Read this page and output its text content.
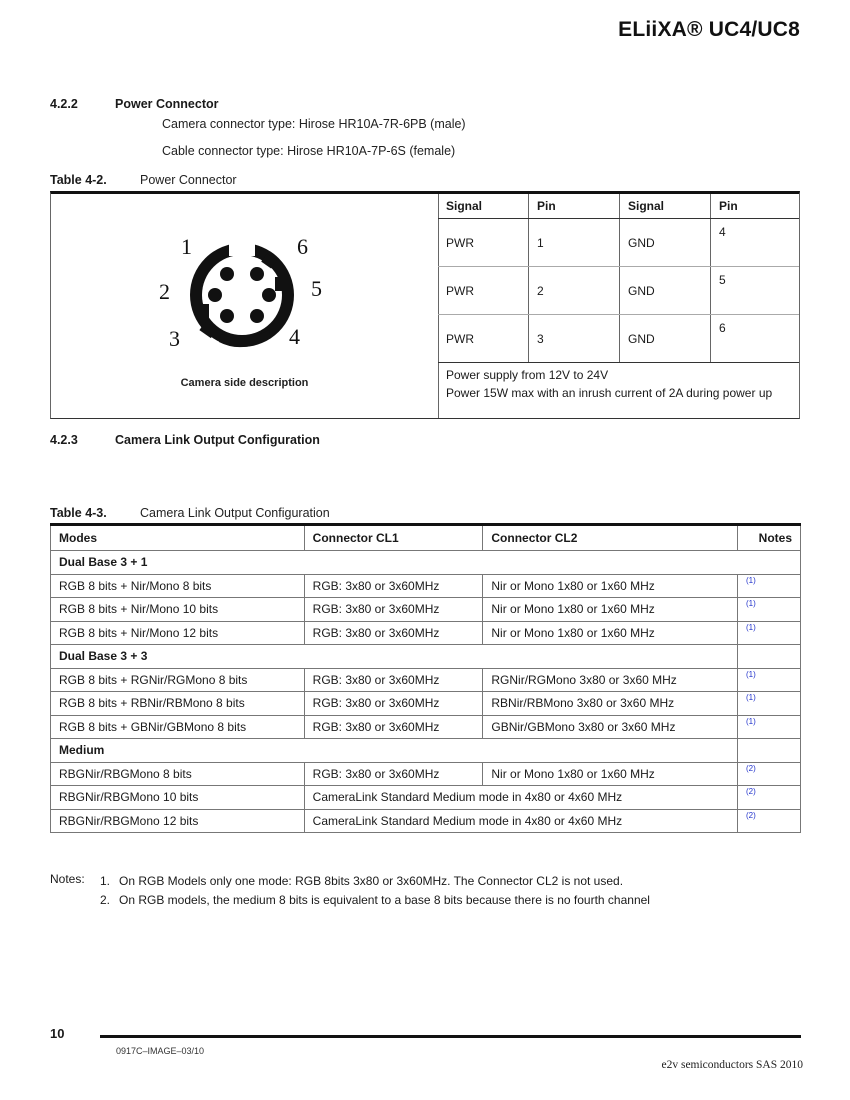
ELiiXA® UC4/UC8
4.2.2	Power Connector
Camera connector type: Hirose HR10A-7R-6PB (male)
Cable connector type: Hirose HR10A-7P-6S (female)
Table 4-2.	Power Connector
1
2
3	4
5
6
Camera side description
Signal	Pin	Signal	Pin
PWR	1	GND	4
PWR	2	GND	5
PWR	3	GND	6
Power supply from 12V to 24V
Power 15W max with an inrush current of 2A during power up
4.2.3	Camera Link Output Configuration
Table 4-3.	Camera Link Output Configuration
Modes	Connector CL1	Connector CL2	Notes
Dual Base 3 + 1			
RGB 8 bits + Nir/Mono 8 bits	RGB: 3x80 or 3x60MHz	Nir or Mono 1x80 or 1x60 MHz	$^{(1)}$
RGB 8 bits + Nir/Mono 10 bits	RGB: 3x80 or 3x60MHz	Nir or Mono 1x80 or 1x60 MHz	$^{(1)}$
RGB 8 bits + Nir/Mono 12 bits	RGB: 3x80 or 3x60MHz	Nir or Mono 1x80 or 1x60 MHz	$^{(1)}$
Dual Base 3 + 3			
RGB 8 bits + RGNir/RGMono 8 bits	RGB: 3x80 or 3x60MHz	RGNir/RGMono 3x80 or 3x60 MHz	$^{(1)}$
RGB 8 bits + RBNir/RBMono 8 bits	RGB: 3x80 or 3x60MHz	RBNir/RBMono 3x80 or 3x60 MHz	$^{(1)}$
RGB 8 bits + GBNir/GBMono 8 bits	RGB: 3x80 or 3x60MHz	GBNir/GBMono 3x80 or 3x60 MHz	$^{(1)}$
Medium			
RBGNir/RBGMono 8 bits	RGB: 3x80 or 3x60MHz	Nir or Mono 1x80 or 1x60 MHz	$^{(2)}$
RBGNir/RBGMono 10 bits	CameraLink Standard Medium mode in 4x80 or 4x60 MHz		$^{(2)}$
RBGNir/RBGMono 12 bits	CameraLink Standard Medium mode in 4x80 or 4x60 MHz		$^{(2)}$
Notes: 1. On RGB Models only one mode: RGB 8bits 3x80 or 3x60MHz. The Connector CL2 is not used.
2. On RGB models, the medium 8 bits is equivalent to a base 8 bits because there is no fourth channel
10
0917C–IMAGE–03/10
e2v semiconductors SAS 2010
